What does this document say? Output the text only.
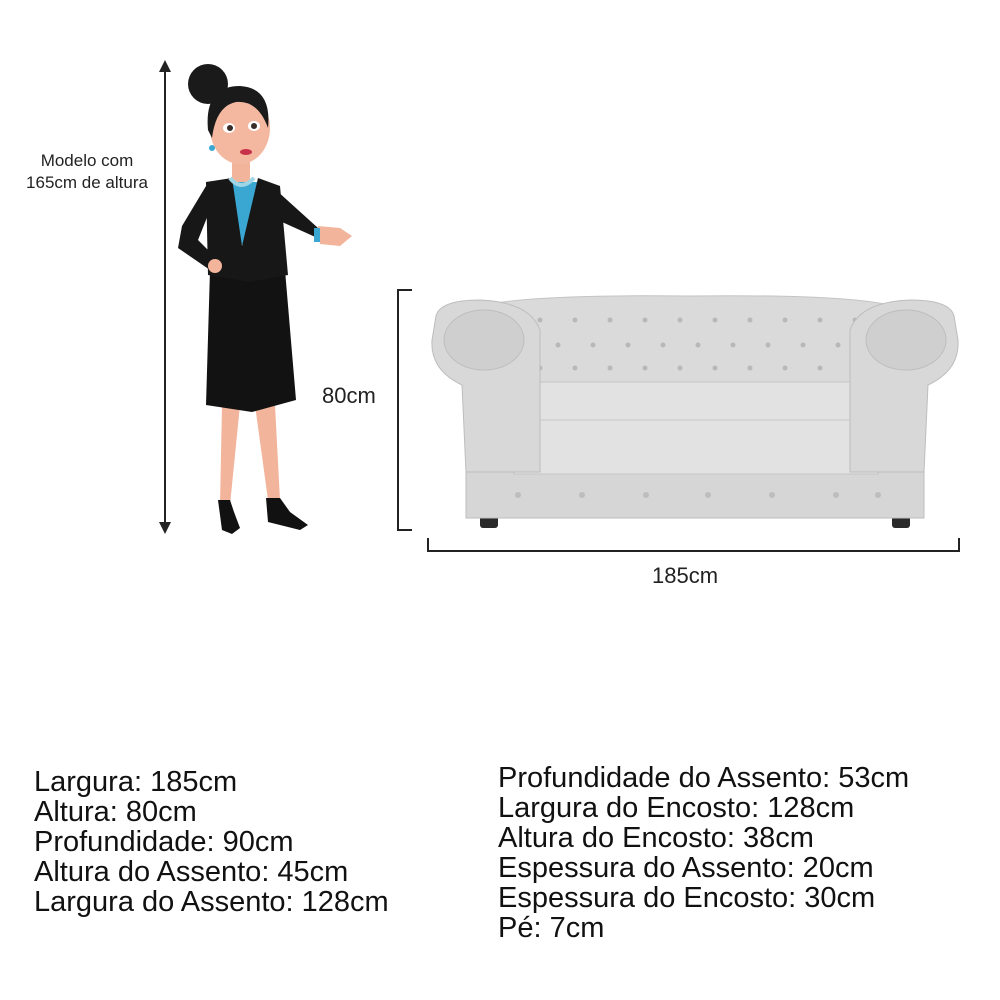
Modelo com
165cm de altura
80cm
185cm
Largura: 185cm
Altura: 80cm
Profundidade: 90cm
Altura do Assento: 45cm
Largura do Assento: 128cm
Profundidade do Assento: 53cm
Largura do Encosto: 128cm
Altura do Encosto: 38cm
Espessura do Assento: 20cm
Espessura do Encosto: 30cm
Pé: 7cm
